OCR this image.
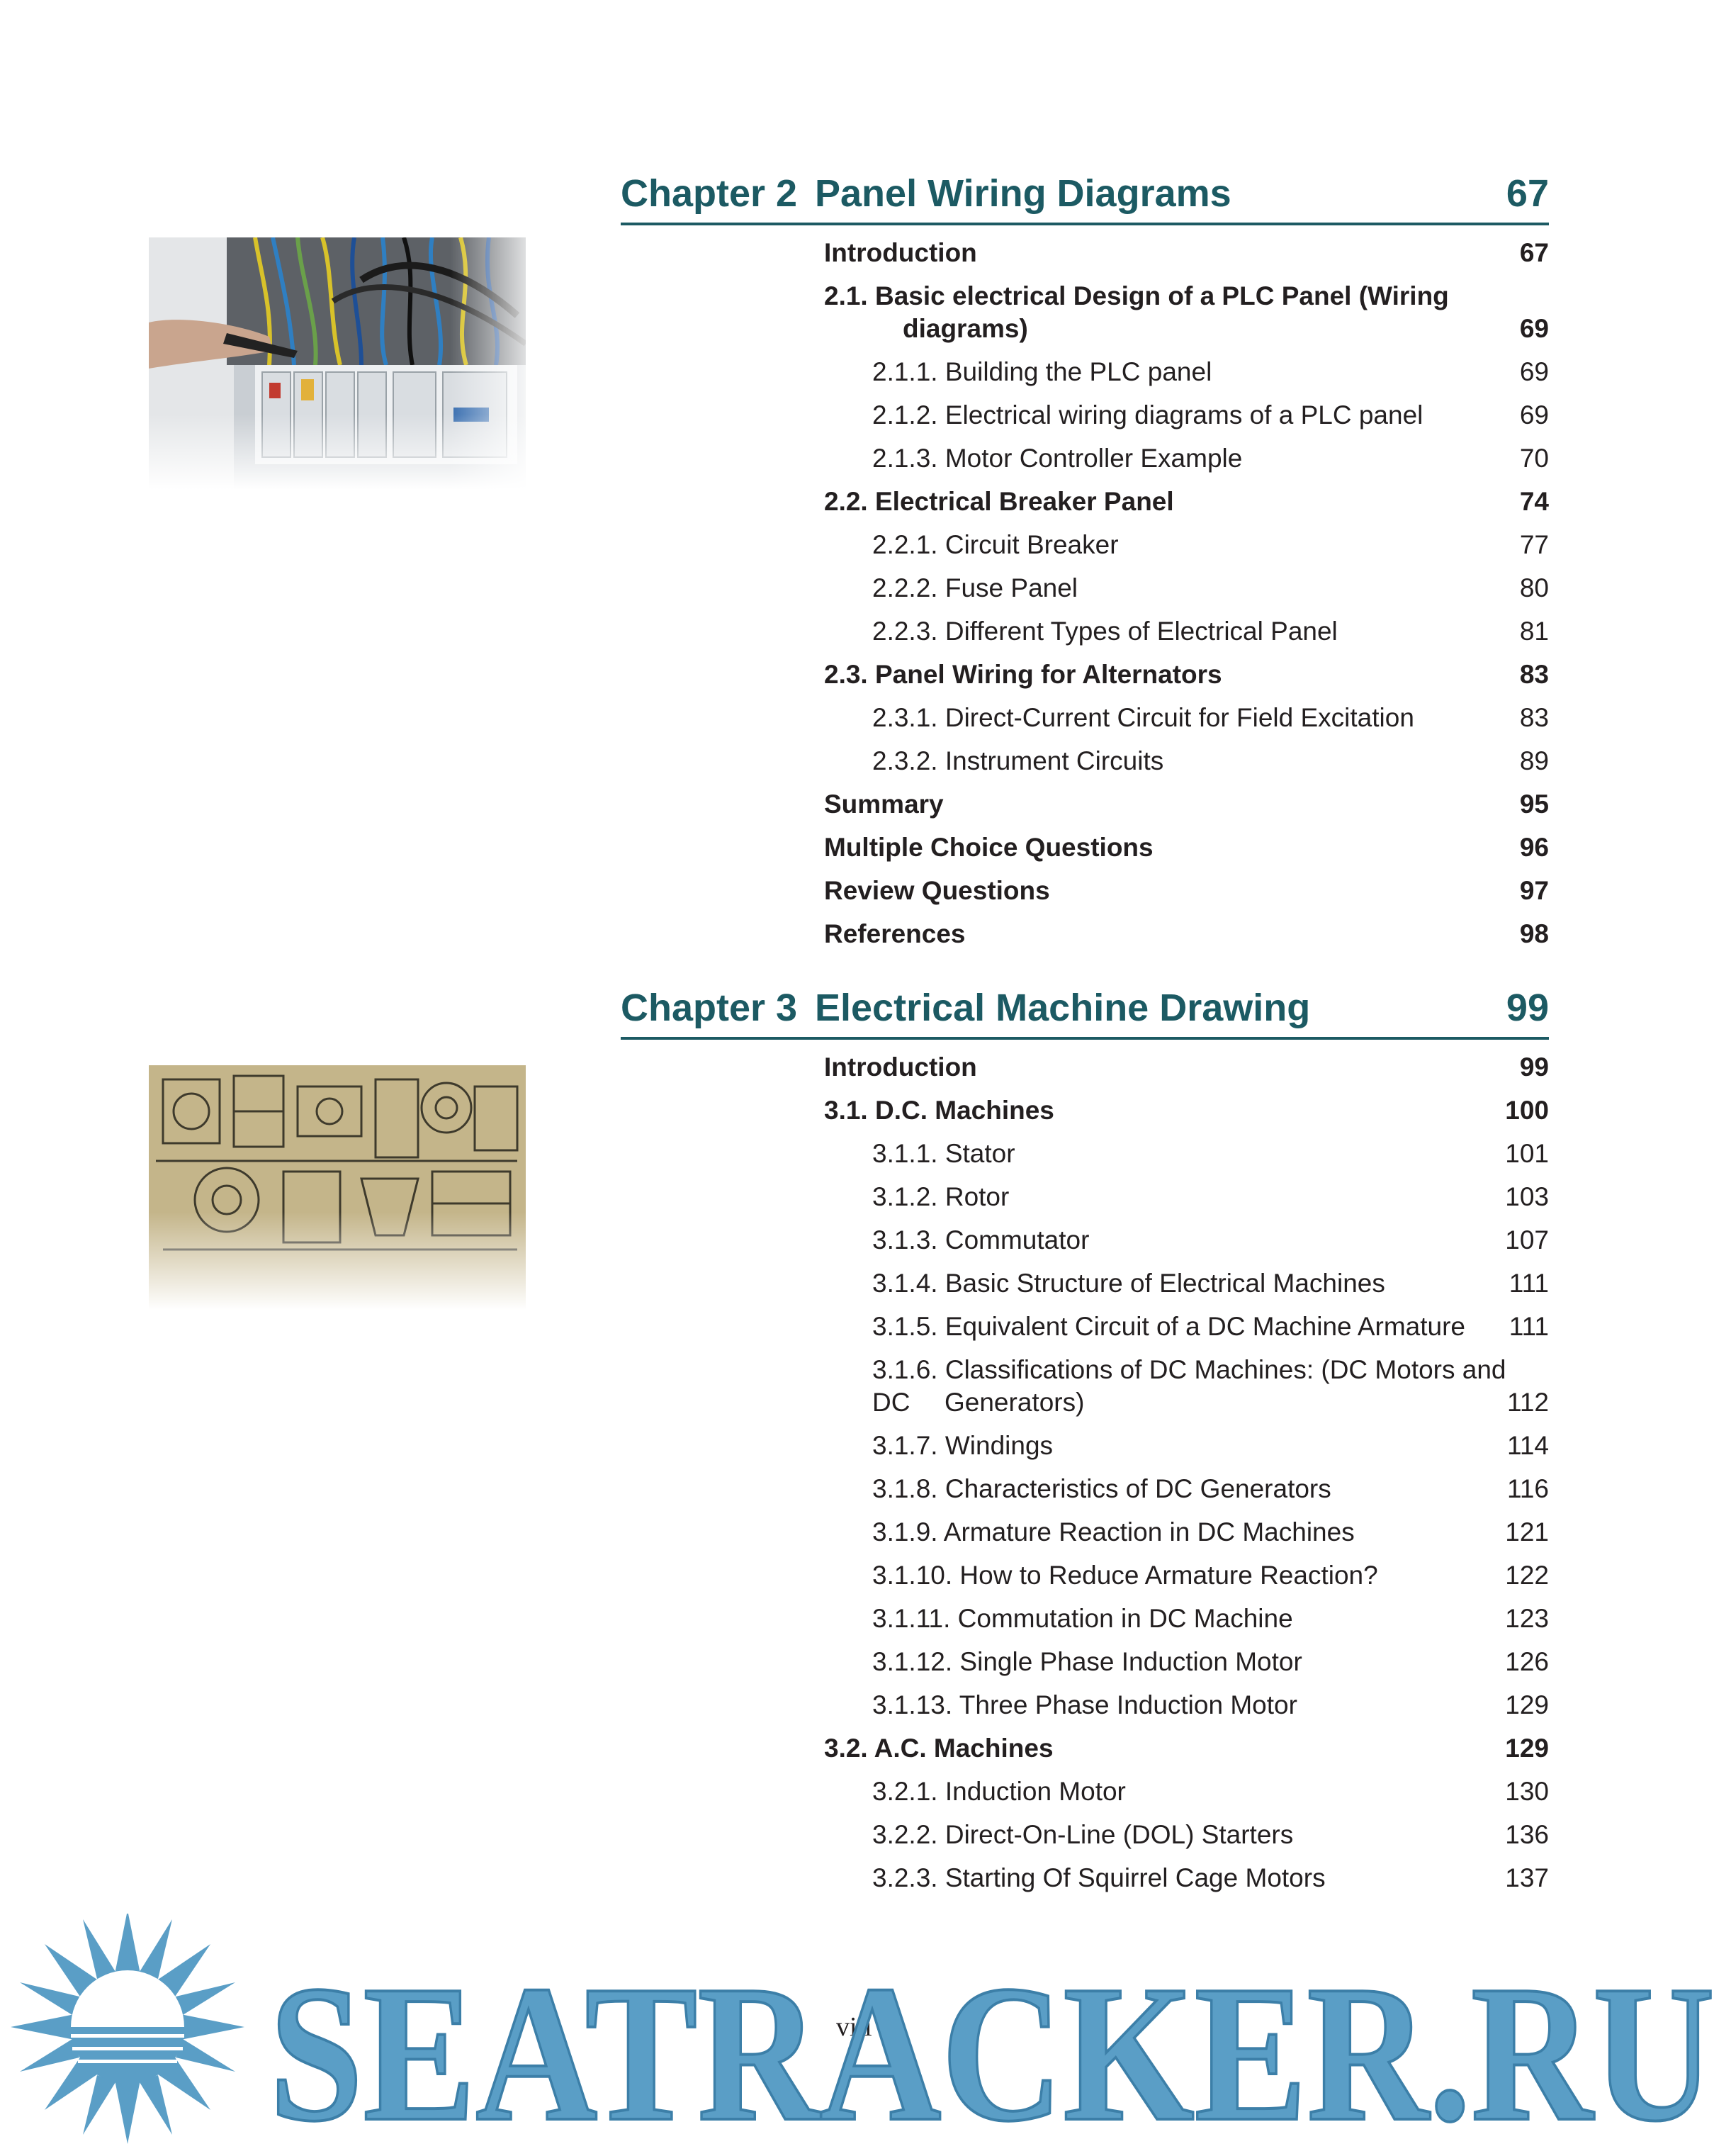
Chapter 2 Panel Wiring Diagrams	67
Introduction	67
2.1. Basic electrical Design of a PLC Panel (Wiring
diagrams)	69
2.1.1. Building the PLC panel	69
2.1.2. Electrical wiring diagrams of a PLC panel	69
2.1.3. Motor Controller Example	70
2.2. Electrical Breaker Panel	74
2.2.1. Circuit Breaker	77
2.2.2. Fuse Panel	80
2.2.3. Different Types of Electrical Panel	81
2.3. Panel Wiring for Alternators	83
2.3.1. Direct-Current Circuit for Field Excitation	83
2.3.2. Instrument Circuits	89
Summary	95
Multiple Choice Questions	96
Review Questions	97
References	98
Chapter 3 Electrical Machine Drawing	99
Introduction	99
3.1. D.C. Machines	100
3.1.1. Stator	101
3.1.2. Rotor	103
3.1.3. Commutator	107
3.1.4. Basic Structure of Electrical Machines	111
3.1.5. Equivalent Circuit of a DC Machine Armature 111
3.1.6. Classifications of DC Machines: (DC Motors and DC	Generators)	112
3.1.7. Windings	114
3.1.8. Characteristics of DC Generators	116
3.1.9. Armature Reaction in DC Machines	121
3.1.10. How to Reduce Armature Reaction?	122
3.1.11. Commutation in DC Machine	123
3.1.12. Single Phase Induction Motor	126
3.1.13. Three Phase Induction Motor	129
3.2. A.C. Machines	129
3.2.1. Induction Motor	130
3.2.2. Direct-On-Line (DOL) Starters	136
3.2.3. Starting Of Squirrel Cage Motors	137
viii
SEATRACKER.RU
